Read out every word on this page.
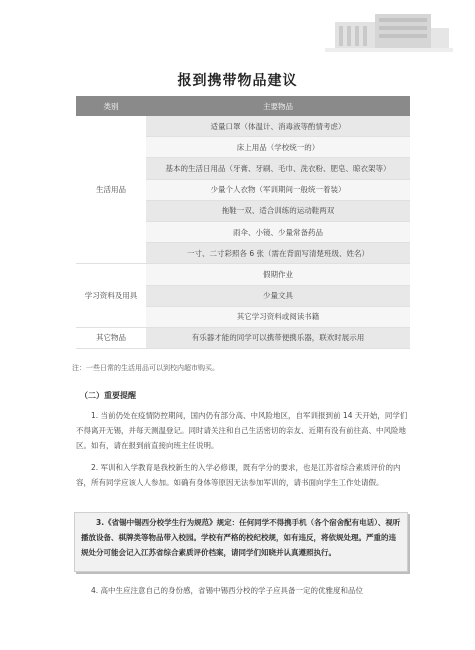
报到携带物品建议
类别	主要物品
生活用品	适量口罩（体温计、消毒液等酌情考虑）
	床上用品（学校统一的）
	基本的生活日用品（牙膏、牙刷、毛巾、洗衣粉、肥皂、晾衣架等）
	少量个人衣物（军训期间一般统一着装）
	拖鞋一双、适合训练的运动鞋两双
	雨伞、小镜、少量常备药品
	一寸、二寸彩照各 6 张（需在背面写清楚班级、姓名）
学习资料及用具	假期作业
	少量文具
	其它学习资料或阅读书籍
其它物品	有乐器才能的同学可以携带便携乐器，联欢时展示用
注：一些日常的生活用品可以到校内超市购买。
（二）重要提醒
1. 当前仍处在疫情防控期间，国内仍有部分高、中风险地区，自军训报到前 14 天开始，同学们不得离开无锡，并每天测温登记。同时请关注和自己生活密切的亲友、近期有没有前往高、中风险地区。如有，请在报到前直接向班主任说明。
2. 军训和入学教育是我校新生的入学必修课，既有学分的要求，也是江苏省综合素质评价的内容，所有同学应该人人参加。如确有身体等原因无法参加军训的，请书面向学生工作处请假。
3.《省锡中锡西分校学生行为规范》规定：任何同学不得携手机（各个宿舍配有电话）、视听播放设备、棋牌类等物品带入校园。学校有严格的校纪校规，如有违反，将依规处理。严重的违规处分可能会记入江苏省综合素质评价档案，请同学们知晓并认真遵照执行。
4. 高中生应注意自己的身份感，省锡中锡西分校的学子应具备一定的优雅度和品位
